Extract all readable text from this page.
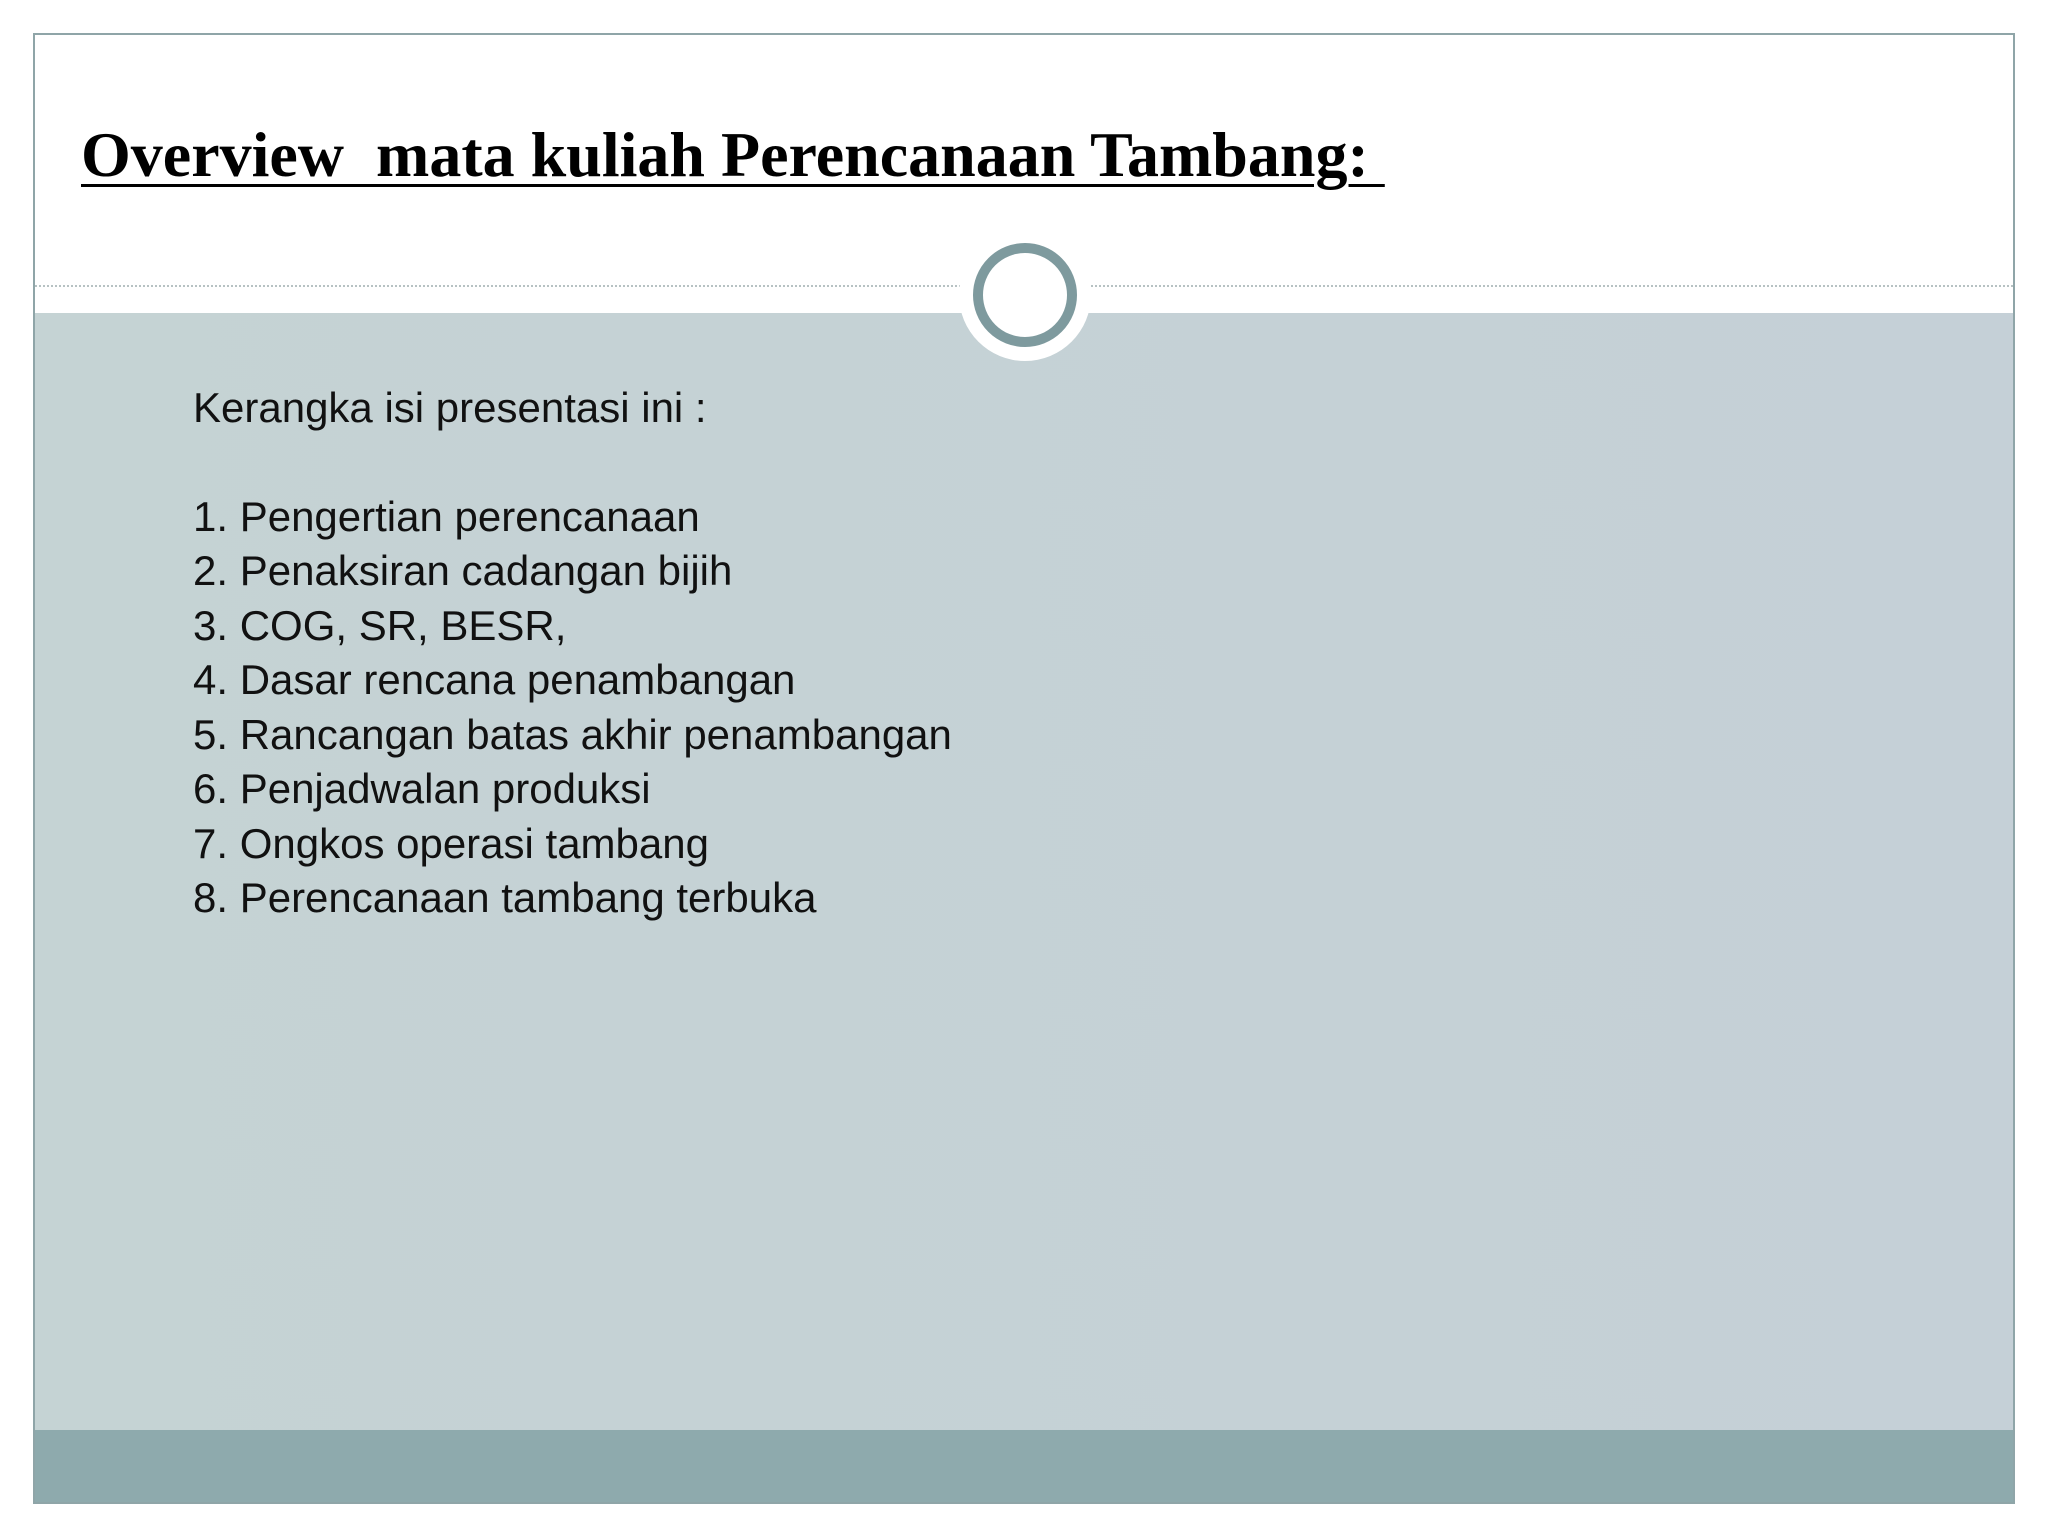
Overview  mata kuliah Perencanaan Tambang:

Kerangka isi presentasi ini :

1. Pengertian perencanaan
2. Penaksiran cadangan bijih
3. COG, SR, BESR,
4. Dasar rencana penambangan
5. Rancangan batas akhir penambangan
6. Penjadwalan produksi
7. Ongkos operasi tambang
8. Perencanaan tambang terbuka
